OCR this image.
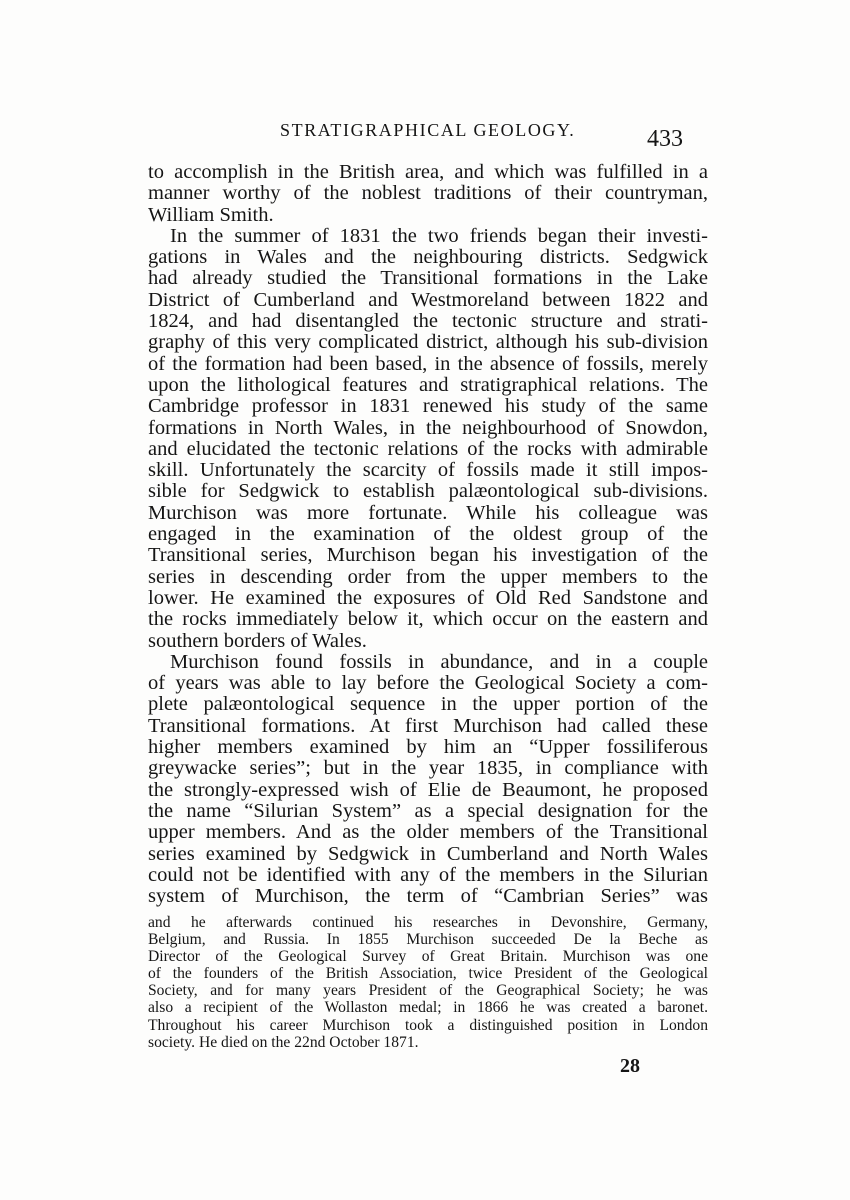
STRATIGRAPHICAL GEOLOGY.	433
to accomplish in the British area, and which was fulfilled in a
manner worthy of the noblest traditions of their countryman,
William Smith.
In the summer of 1831 the two friends began their investi-
gations in Wales and the neighbouring districts. Sedgwick
had already studied the Transitional formations in the Lake
District of Cumberland and Westmoreland between 1822 and
1824, and had disentangled the tectonic structure and strati-
graphy of this very complicated district, although his sub-division
of the formation had been based, in the absence of fossils, merely
upon the lithological features and stratigraphical relations. The
Cambridge professor in 1831 renewed his study of the same
formations in North Wales, in the neighbourhood of Snowdon,
and elucidated the tectonic relations of the rocks with admirable
skill. Unfortunately the scarcity of fossils made it still impos-
sible for Sedgwick to establish palæontological sub-divisions.
Murchison was more fortunate. While his colleague was
engaged in the examination of the oldest group of the
Transitional series, Murchison began his investigation of the
series in descending order from the upper members to the
lower. He examined the exposures of Old Red Sandstone and
the rocks immediately below it, which occur on the eastern and
southern borders of Wales.
Murchison found fossils in abundance, and in a couple
of years was able to lay before the Geological Society a com-
plete palæontological sequence in the upper portion of the
Transitional formations. At first Murchison had called these
higher members examined by him an “Upper fossiliferous
greywacke series”; but in the year 1835, in compliance with
the strongly-expressed wish of Elie de Beaumont, he proposed
the name “Silurian System” as a special designation for the
upper members. And as the older members of the Transitional
series examined by Sedgwick in Cumberland and North Wales
could not be identified with any of the members in the Silurian
system of Murchison, the term of “Cambrian Series” was
and he afterwards continued his researches in Devonshire, Germany,
Belgium, and Russia. In 1855 Murchison succeeded De la Beche as
Director of the Geological Survey of Great Britain. Murchison was one
of the founders of the British Association, twice President of the Geological
Society, and for many years President of the Geographical Society; he was
also a recipient of the Wollaston medal; in 1866 he was created a baronet.
Throughout his career Murchison took a distinguished position in London
society. He died on the 22nd October 1871.
28
